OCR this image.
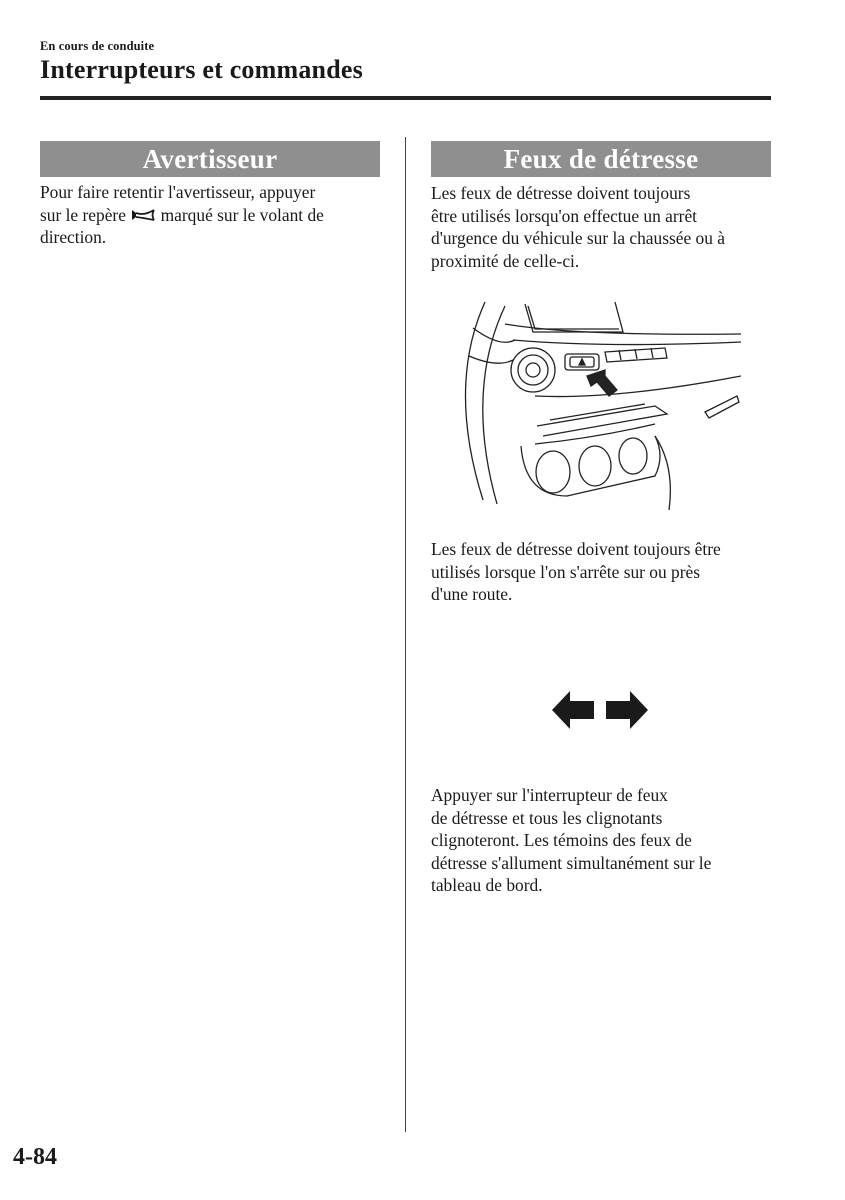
En cours de conduite
Interrupteurs et commandes
Avertisseur

Pour faire retentir l'avertisseur, appuyer
sur le repère  marqué sur le volant de
direction.

Feux de détresse

Les feux de détresse doivent toujours
être utilisés lorsqu'on effectue un arrêt
d'urgence du véhicule sur la chaussée ou à
proximité de celle-ci.

Les feux de détresse doivent toujours être
utilisés lorsque l'on s'arrête sur ou près
d'une route.

Appuyer sur l'interrupteur de feux
de détresse et tous les clignotants
clignoteront. Les témoins des feux de
détresse s'allument simultanément sur le
tableau de bord.

4-84
